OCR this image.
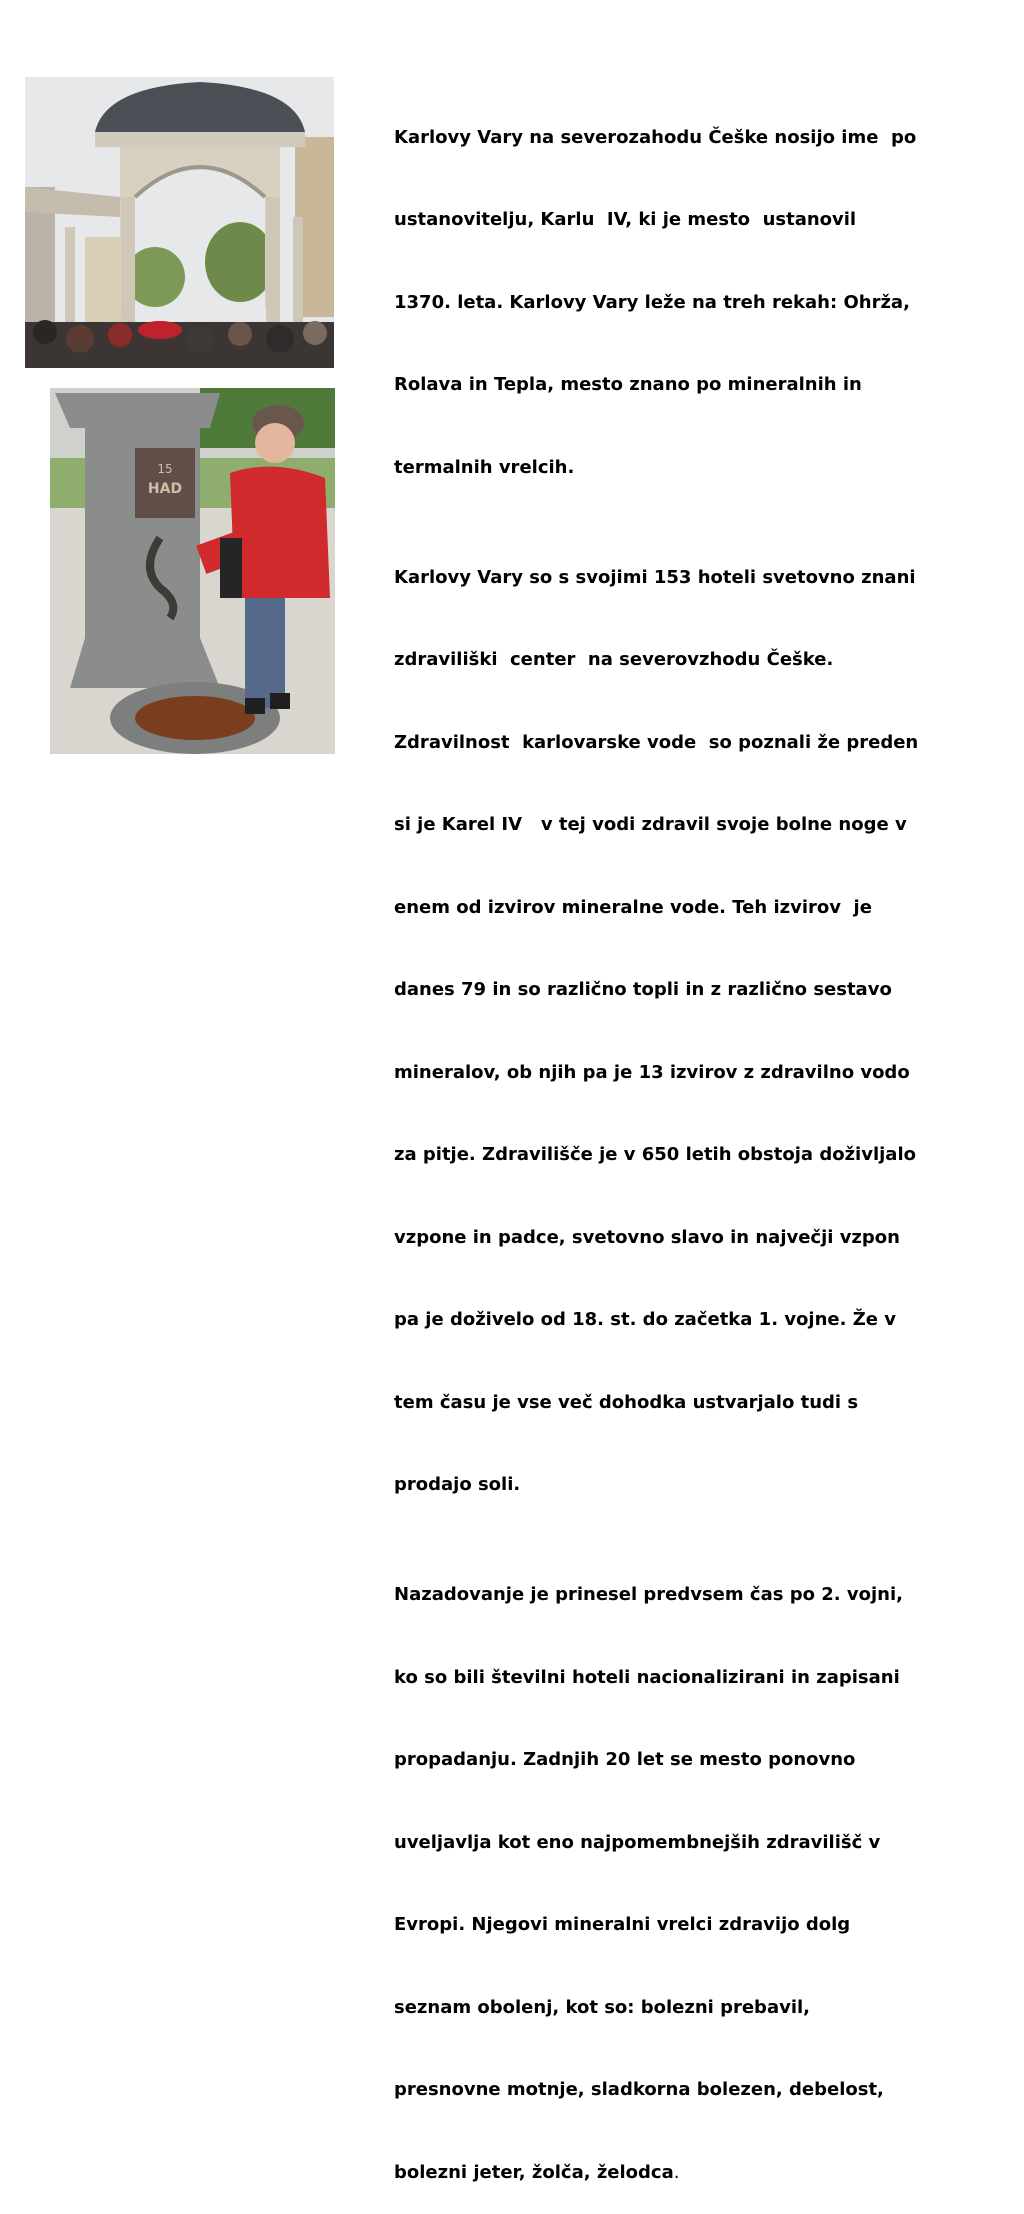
15
HAD

Karlovy Vary na severozahodu Češke nosijo ime  po

ustanovitelju, Karlu  IV, ki je mesto  ustanovil

1370. leta. Karlovy Vary leže na treh rekah: Ohrža,

Rolava in Tepla, mesto znano po mineralnih in

termalnih vrelcih.

Karlovy Vary so s svojimi 153 hoteli svetovno znani

zdraviliški  center  na severovzhodu Češke.

Zdravilnost  karlovarske vode  so poznali že preden

si je Karel IV   v tej vodi zdravil svoje bolne noge v

enem od izvirov mineralne vode. Teh izvirov  je

danes 79 in so različno topli in z različno sestavo

mineralov, ob njih pa je 13 izvirov z zdravilno vodo

za pitje. Zdravilišče je v 650 letih obstoja doživljalo

vzpone in padce, svetovno slavo in največji vzpon

pa je doživelo od 18. st. do začetka 1. vojne. Že v

tem času je vse več dohodka ustvarjalo tudi s

prodajo soli.

Nazadovanje je prinesel predvsem čas po 2. vojni,

ko so bili številni hoteli nacionalizirani in zapisani

propadanju. Zadnjih 20 let se mesto ponovno

uveljavlja kot eno najpomembnejših zdravilišč v

Evropi. Njegovi mineralni vrelci zdravijo dolg

seznam obolenj, kot so: bolezni prebavil,

presnovne motnje, sladkorna bolezen, debelost,

bolezni jeter, žolča, želodca.
